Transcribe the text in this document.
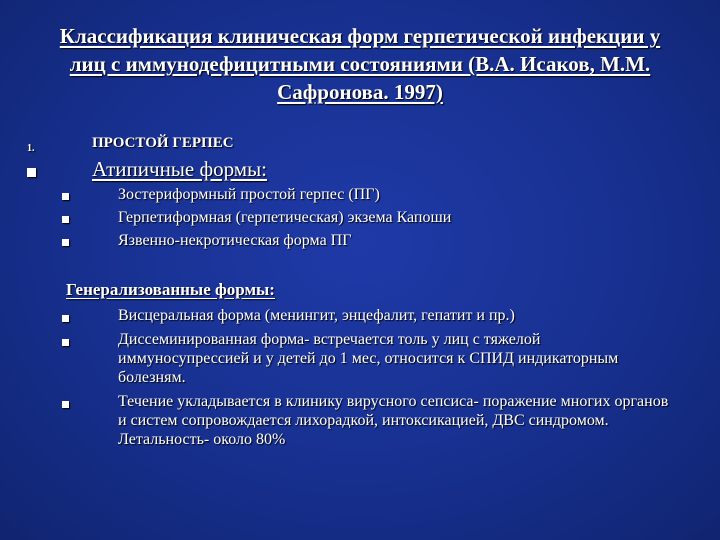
Классификация клиническая форм герпетической инфекции у лиц с иммунодефицитными состояниями (В.А. Исаков, М.М. Сафронова. 1997)
1.	ПРОСТОЙ ГЕРПЕС
Атипичные формы:
Зостериформный простой герпес (ПГ)
Герпетиформная (герпетическая) экзема Капоши
Язвенно-некротическая форма ПГ
Генерализованные формы:
Висцеральная форма (менингит, энцефалит, гепатит и пр.)
Диссеминированная форма- встречается толь у лиц с тяжелой иммуносупрессией и у детей до 1 мес, относится к СПИД индикаторным болезням.
Течение укладывается в клинику вирусного сепсиса- поражение многих органов и систем сопровождается лихорадкой, интоксикацией, ДВС синдромом. Летальность- около 80%
